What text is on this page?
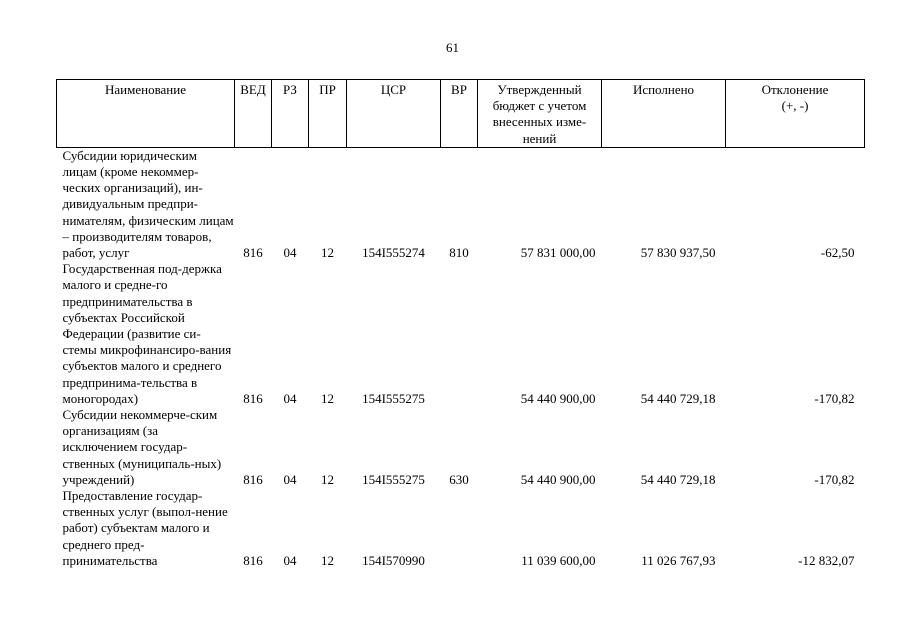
61
Наименование	ВЕД	РЗ	ПР	ЦСР	ВР	Утвержденный бюджет с учетом внесенных изме-нений	Исполнено	Отклонение (+, -)
Субсидии юридическим лицам (кроме некоммер-ческих организаций), ин-дивидуальным предпри-нимателям, физическим лицам – производителям товаров, работ, услуг	816	04	12	154I555274	810	57 831 000,00	57 830 937,50	-62,50
Государственная под-держка малого и средне-го предпринимательства в субъектах Российской Федерации (развитие си-стемы микрофинансиро-вания субъектов малого и среднего предпринима-тельства в моногородах)	816	04	12	154I555275		54 440 900,00	54 440 729,18	-170,82
Субсидии некоммерче-ским организациям (за исключением государ-ственных (муниципаль-ных) учреждений)	816	04	12	154I555275	630	54 440 900,00	54 440 729,18	-170,82
Предоставление государ-ственных услуг (выпол-нение работ) субъектам малого и среднего пред-принимательства	816	04	12	154I570990		11 039 600,00	11 026 767,93	-12 832,07
